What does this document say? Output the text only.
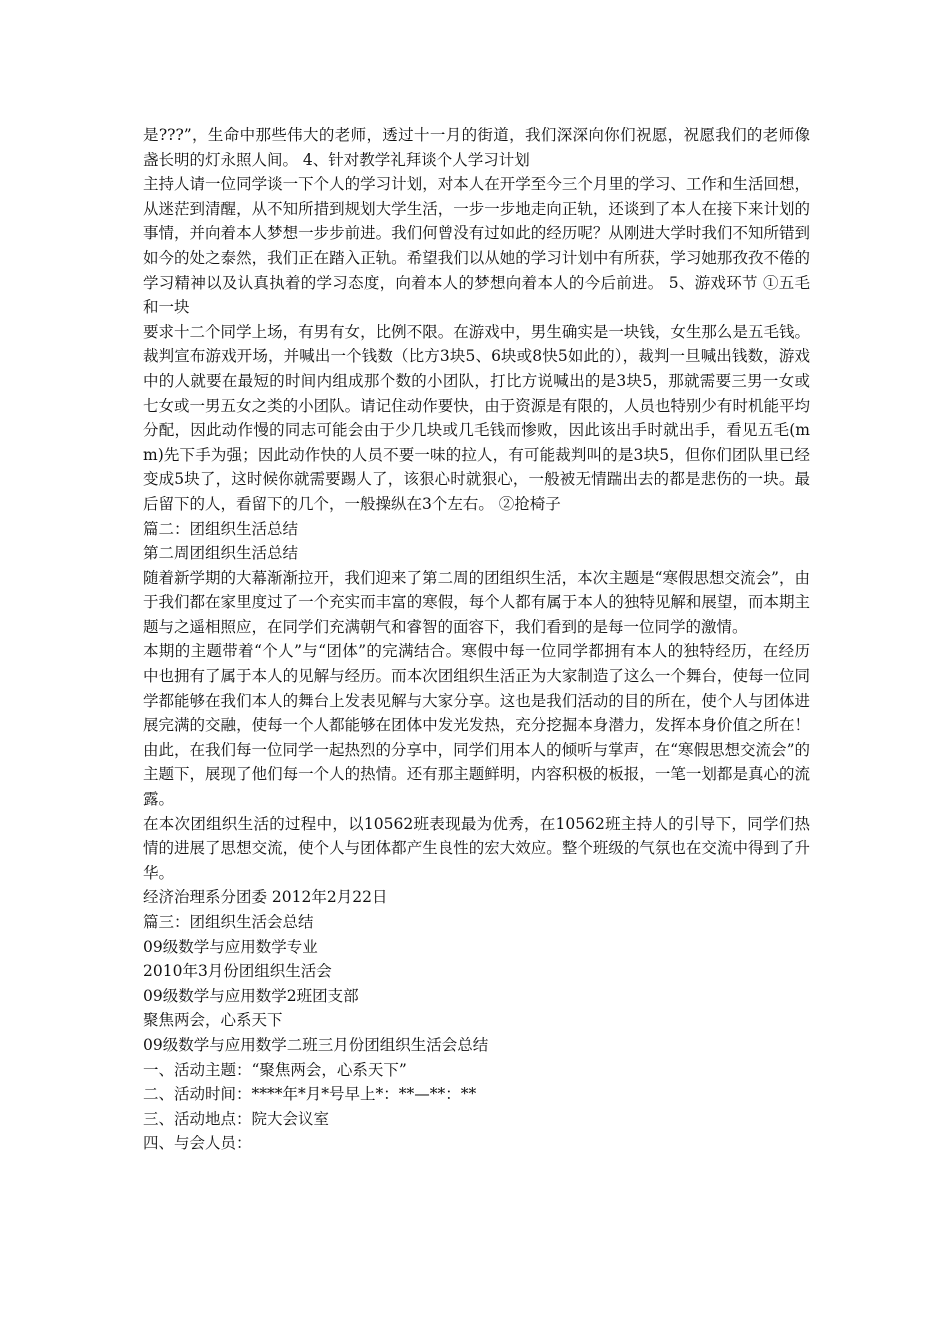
是???”，生命中那些伟大的老师，透过十一月的街道，我们深深向你们祝愿，祝愿我们的老师像盏长明的灯永照人间。 4、针对教学礼拜谈个人学习计划
主持人请一位同学谈一下个人的学习计划，对本人在开学至今三个月里的学习、工作和生活回想，从迷茫到清醒，从不知所措到规划大学生活，一步一步地走向正轨，还谈到了本人在接下来计划的事情，并向着本人梦想一步步前进。我们何曾没有过如此的经历呢？从刚进大学时我们不知所错到如今的处之泰然，我们正在踏入正轨。希望我们以从她的学习计划中有所获，学习她那孜孜不倦的学习精神以及认真执着的学习态度，向着本人的梦想向着本人的今后前进。 5、游戏环节 ①五毛和一块
要求十二个同学上场，有男有女，比例不限。在游戏中，男生确实是一块钱，女生那么是五毛钱。裁判宣布游戏开场，并喊出一个钱数（比方3块5、6块或8快5如此的），裁判一旦喊出钱数，游戏中的人就要在最短的时间内组成那个数的小团队，打比方说喊出的是3块5，那就需要三男一女或七女或一男五女之类的小团队。请记住动作要快，由于资源是有限的，人员也特别少有时机能平均分配，因此动作慢的同志可能会由于少几块或几毛钱而惨败，因此该出手时就出手，看见五毛(mm)先下手为强；因此动作快的人员不要一味的拉人，有可能裁判叫的是3块5，但你们团队里已经变成5块了，这时候你就需要踢人了，该狠心时就狠心，一般被无情踹出去的都是悲伤的一块。最后留下的人，看留下的几个，一般操纵在3个左右。 ②抢椅子
篇二：团组织生活总结
第二周团组织生活总结
随着新学期的大幕渐渐拉开，我们迎来了第二周的团组织生活，本次主题是“寒假思想交流会”，由于我们都在家里度过了一个充实而丰富的寒假，每个人都有属于本人的独特见解和展望，而本期主题与之遥相照应，在同学们充满朝气和睿智的面容下，我们看到的是每一位同学的激情。
本期的主题带着“个人”与“团体”的完满结合。寒假中每一位同学都拥有本人的独特经历，在经历中也拥有了属于本人的见解与经历。而本次团组织生活正为大家制造了这么一个舞台，使每一位同学都能够在我们本人的舞台上发表见解与大家分享。这也是我们活动的目的所在，使个人与团体进展完满的交融，使每一个人都能够在团体中发光发热，充分挖掘本身潜力，发挥本身价值之所在！由此，在我们每一位同学一起热烈的分享中，同学们用本人的倾听与掌声，在“寒假思想交流会”的主题下，展现了他们每一个人的热情。还有那主题鲜明，内容积极的板报，一笔一划都是真心的流露。
在本次团组织生活的过程中，以10562班表现最为优秀，在10562班主持人的引导下，同学们热情的进展了思想交流，使个人与团体都产生良性的宏大效应。整个班级的气氛也在交流中得到了升华。
经济治理系分团委 2012年2月22日
篇三：团组织生活会总结
09级数学与应用数学专业
2010年3月份团组织生活会
09级数学与应用数学2班团支部
聚焦两会，心系天下
09级数学与应用数学二班三月份团组织生活会总结
一、活动主题：“聚焦两会，心系天下”
二、活动时间：****年*月*号早上*：**—**：**
三、活动地点：院大会议室
四、与会人员：
